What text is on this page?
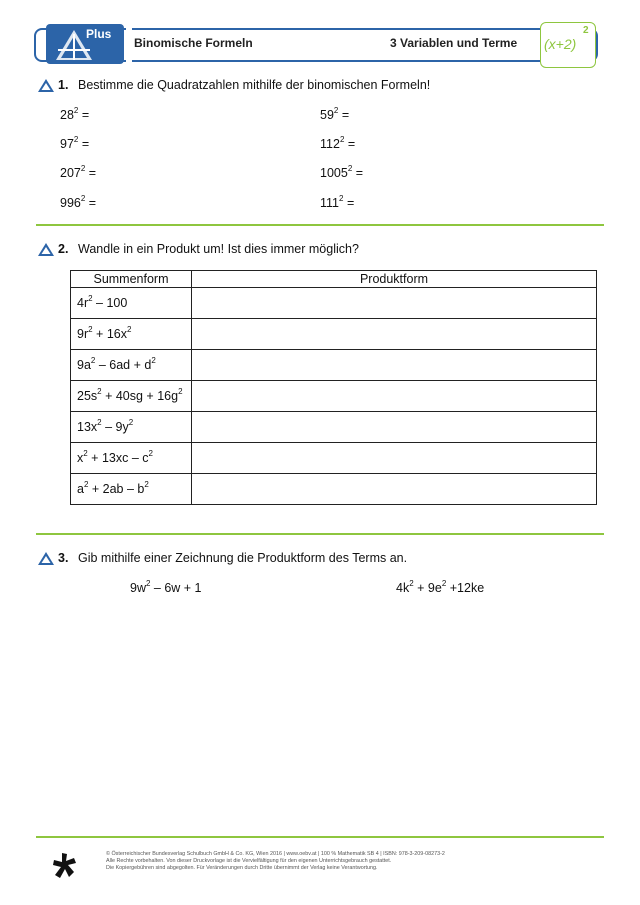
Plus
Binomische Formeln	3 Variablen und Terme (x+2)
2
1. Bestimme die Quadratzahlen mithilfe der binomischen Formeln!
$28^2$ =
$97^2$ =
$207^2$ =
$996^2$ =
$59^2$ =
$112^2$ =
$1005^2$ =
$111^2$ =
2. Wandle in ein Produkt um! Ist dies immer möglich?
Summenform	Produktform
$4r^2 - 100$	
$9r^2 + 16x^2$	
$9a^2 - 6ad + d^2$	
$25s^2 + 40sg + 16g^2$	
$13x^2 - 9y^2$	
$x^2 + 13xc - c^2$	
$a^2 + 2ab - b^2$	
3. Gib mithilfe einer Zeichnung die Produktform des Terms an.
$9w^2 - 6w + 1$	$4k^2 + 9e^2 +12ke$
© Österreichischer Bundesverlag Schulbuch GmbH & Co. KG, Wien 2016 | www.oebv.at | 100 % Mathematik SB 4 | ISBN: 978-3-209-08273-2
Alle Rechte vorbehalten. Von dieser Druckvorlage ist die Vervielfältigung für den eigenen Unterrichtsgebrauch gestattet.
Die Kopiergebühren sind abgegolten. Für Veränderungen durch Dritte übernimmt der Verlag keine Verantwortung.
